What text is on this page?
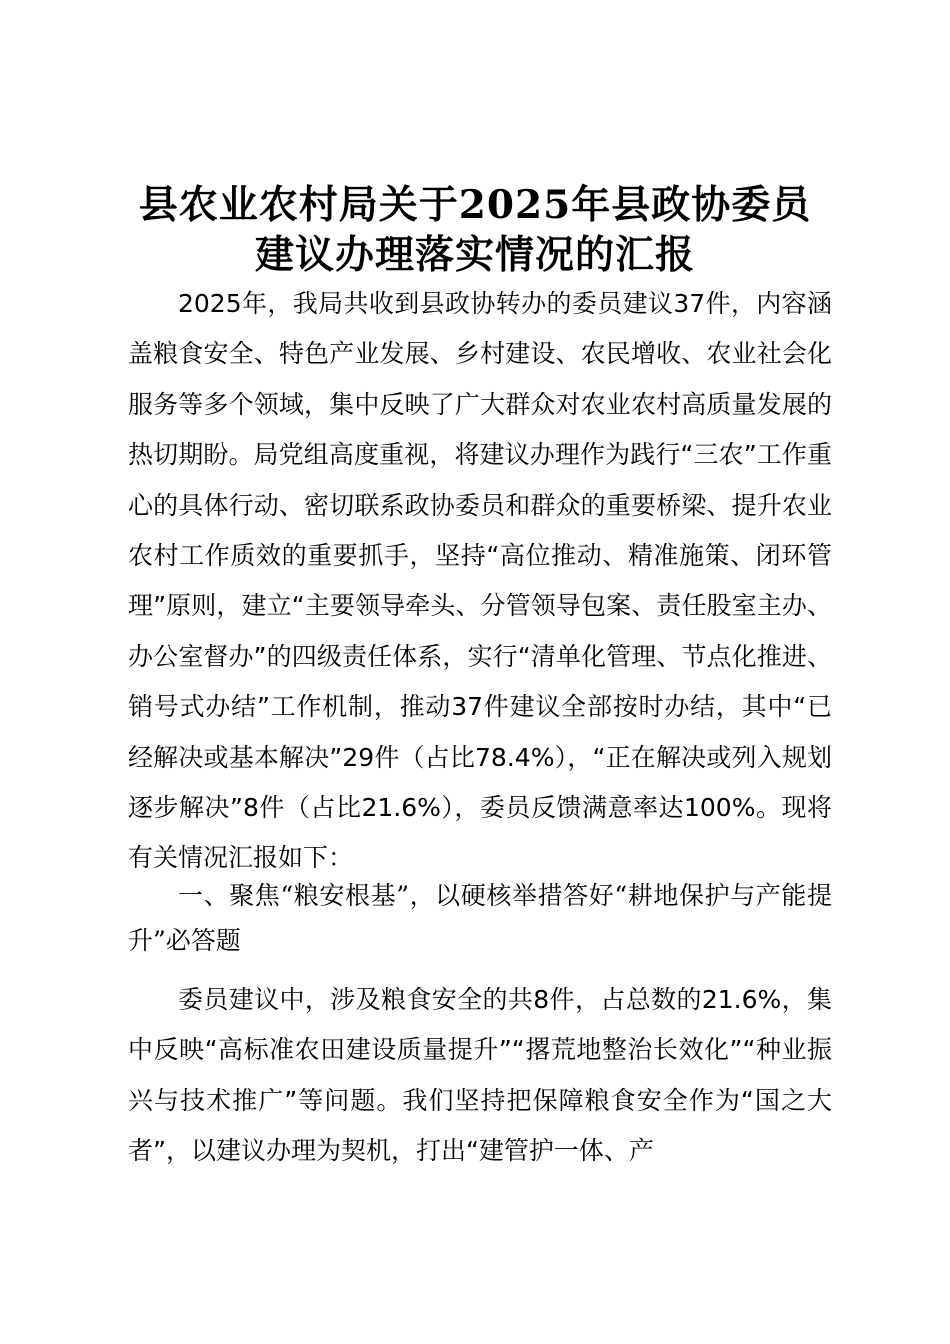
县农业农村局关于2025年县政协委员
建议办理落实情况的汇报

2025年，我局共收到县政协转办的委员建议37件，内容涵盖粮食安全、特色产业发展、乡村建设、农民增收、农业社会化服务等多个领域，集中反映了广大群众对农业农村高质量发展的热切期盼。局党组高度重视，将建议办理作为践行“三农”工作重心的具体行动、密切联系政协委员和群众的重要桥梁、提升农业农村工作质效的重要抓手，坚持“高位推动、精准施策、闭环管理”原则，建立“主要领导牵头、分管领导包案、责任股室主办、办公室督办”的四级责任体系，实行“清单化管理、节点化推进、销号式办结”工作机制，推动37件建议全部按时办结，其中“已经解决或基本解决”29件（占比78.4%），“正在解决或列入规划逐步解决”8件（占比21.6%），委员反馈满意率达100%。现将有关情况汇报如下：

一、聚焦“粮安根基”，以硬核举措答好“耕地保护与产能提升”必答题

委员建议中，涉及粮食安全的共8件，占总数的21.6%，集中反映“高标准农田建设质量提升”“撂荒地整治长效化”“种业振兴与技术推广”等问题。我们坚持把保障粮食安全作为“国之大者”，以建议办理为契机，打出“建管护一体、产
